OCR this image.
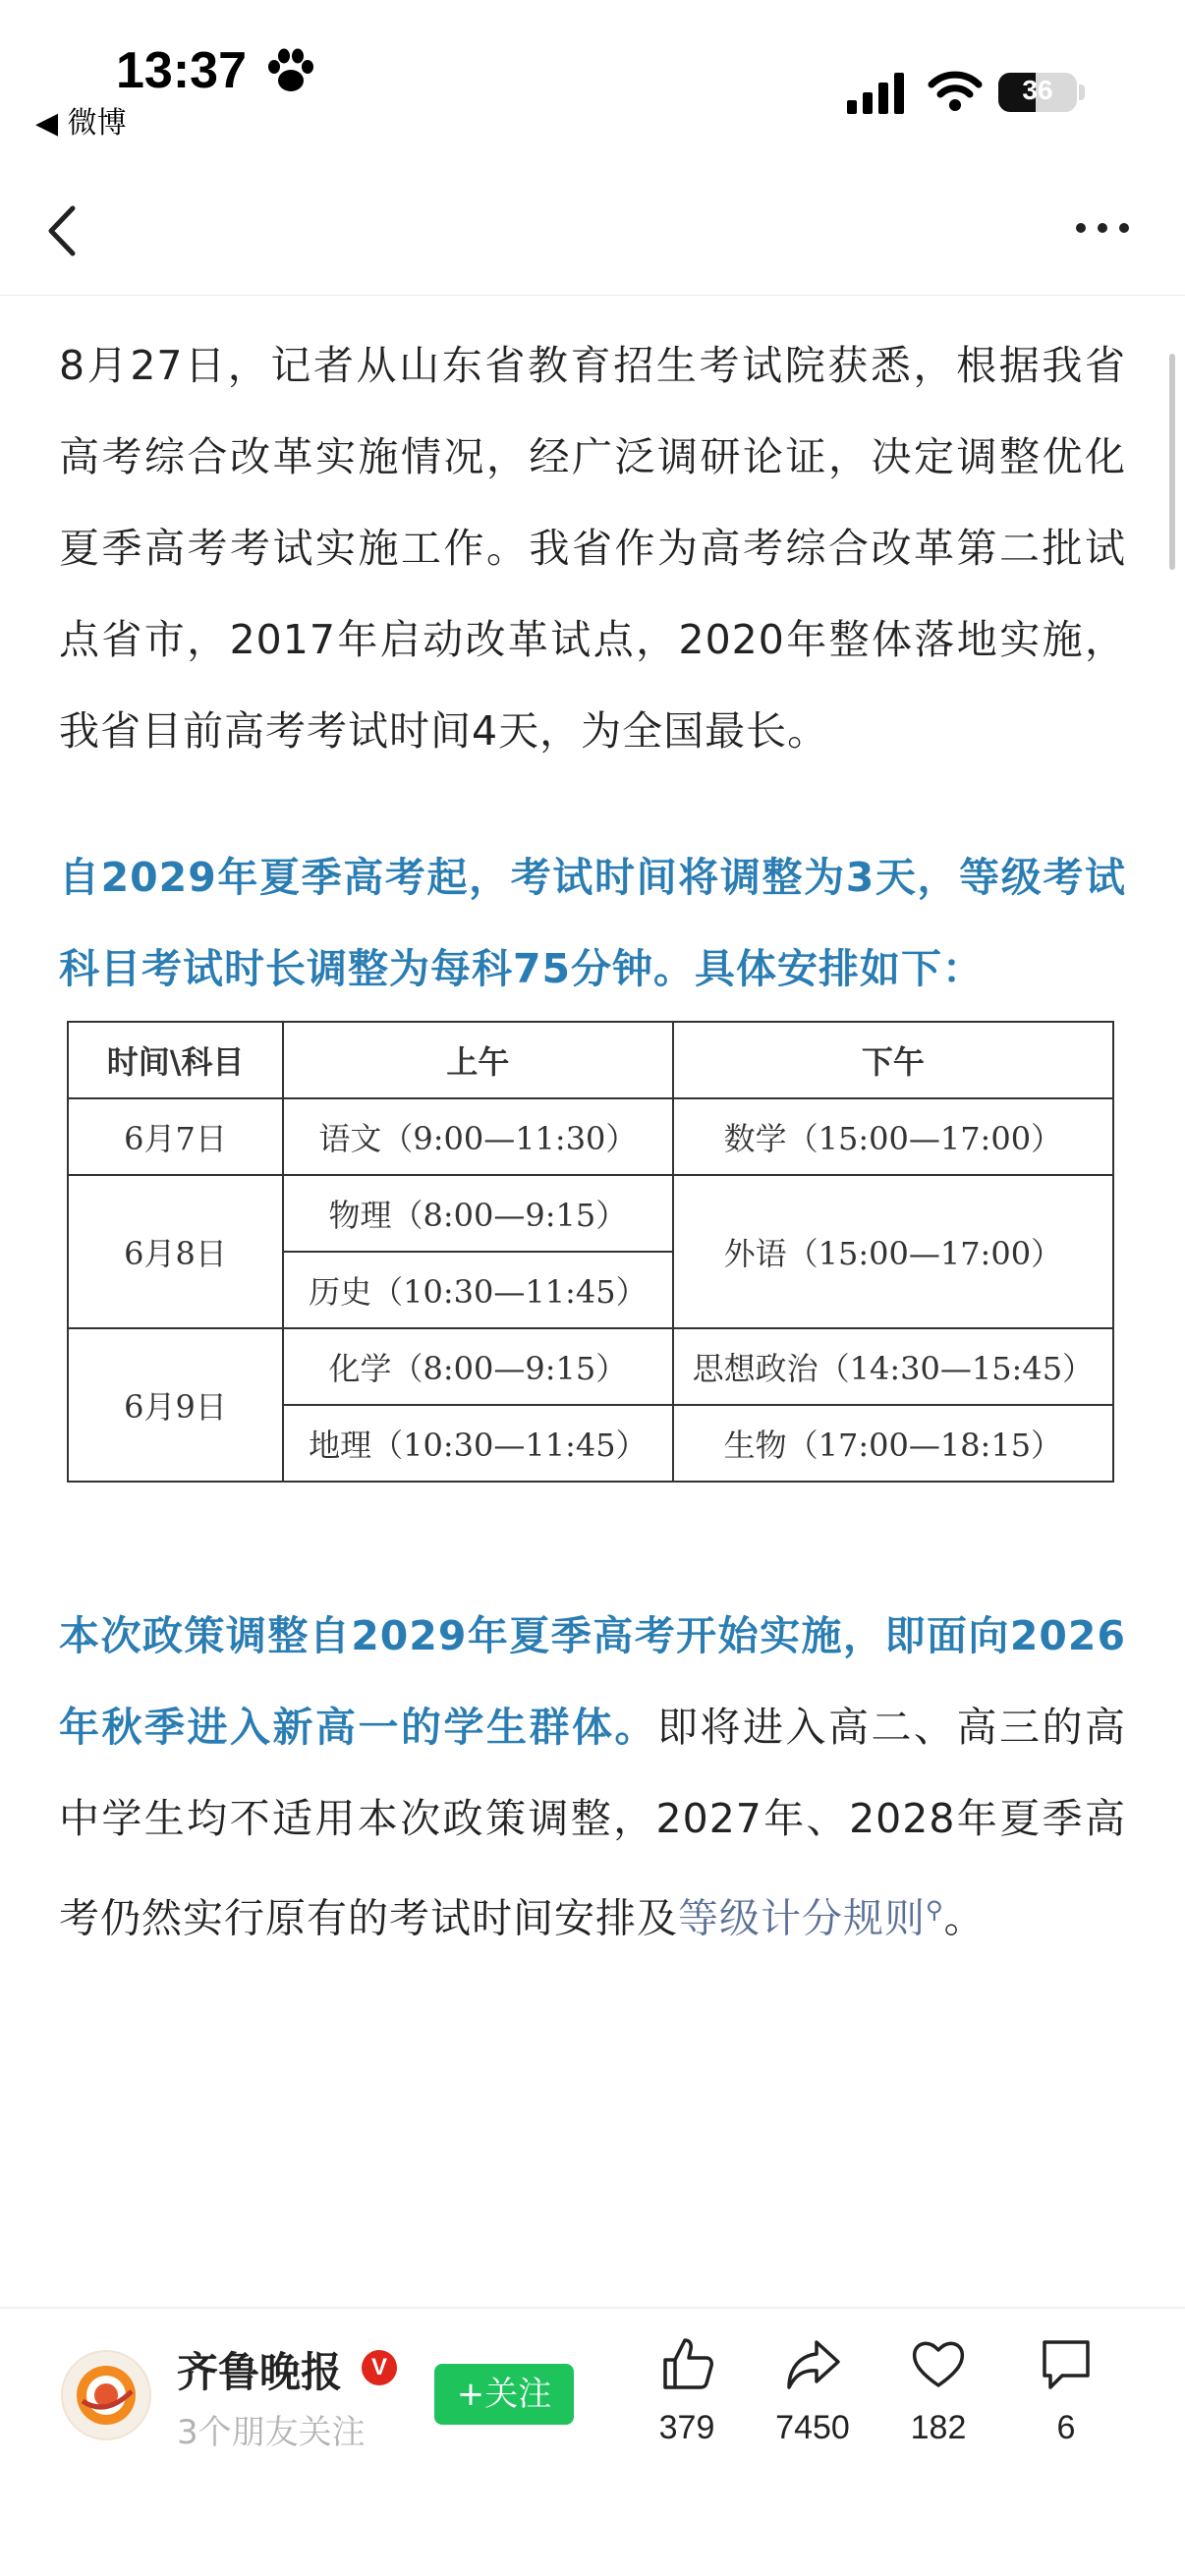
13:37
◀ 微博
36

8月27日，记者从山东省教育招生考试院获悉，根据我省高考综合改革实施情况，经广泛调研论证，决定调整优化夏季高考考试实施工作。我省作为高考综合改革第二批试点省市，2017年启动改革试点，2020年整体落地实施，我省目前高考考试时间4天，为全国最长。

自2029年夏季高考起，考试时间将调整为3天，等级考试科目考试时长调整为每科75分钟。具体安排如下：

时间\科目	上午	下午
6月7日	语文（9:00—11:30）	数学（15:00—17:00）
6月8日	物理（8:00—9:15）	外语（15:00—17:00）
	历史（10:30—11:45）	
6月9日	化学（8:00—9:15）	思想政治（14:30—15:45）
	地理（10:30—11:45）	生物（17:00—18:15）

本次政策调整自2029年夏季高考开始实施，即面向2026年秋季进入新高一的学生群体。即将进入高二、高三的高中学生均不适用本次政策调整，2027年、2028年夏季高考仍然实行原有的考试时间安排及等级计分规则⚲。

齐鲁晚报	V
3个朋友关注
+关注
379	7450	182	6
